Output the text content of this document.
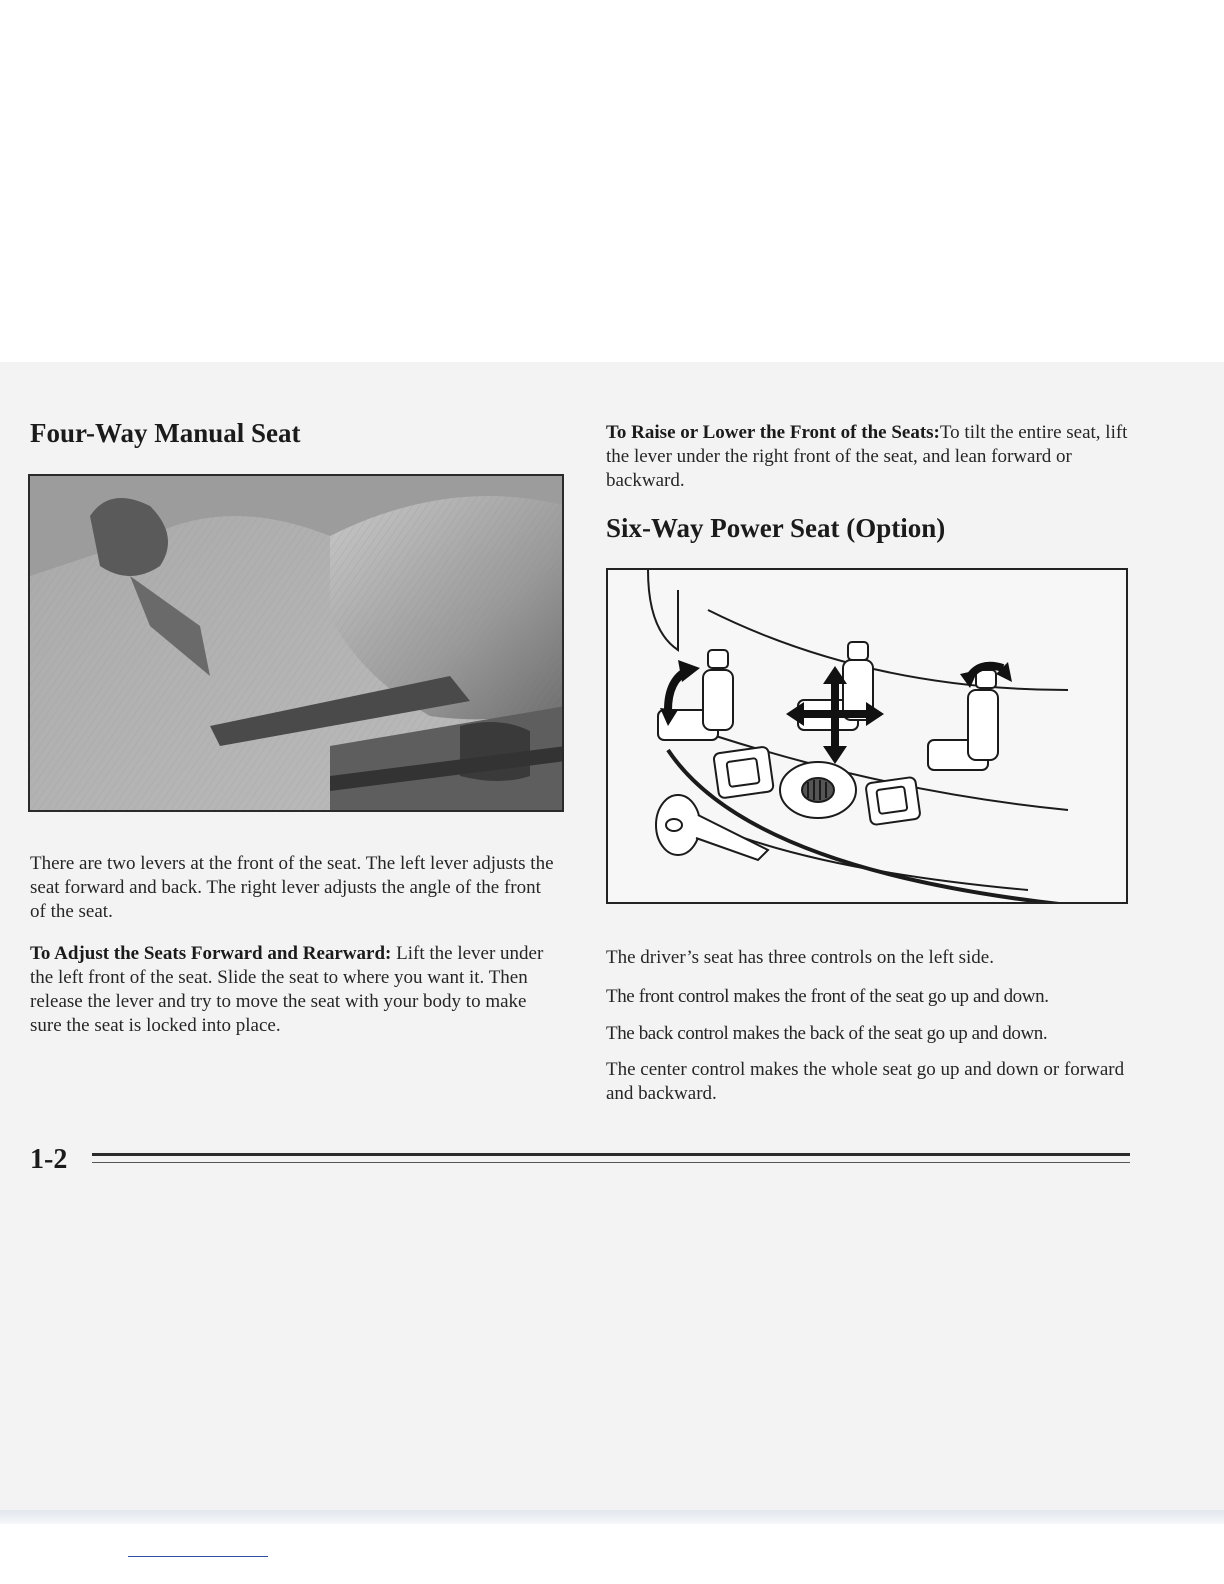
Four-Way Manual Seat

There are two levers at the front of the seat. The left lever adjusts the seat forward and back. The right lever adjusts the angle of the front of the seat.

To Adjust the Seats Forward and Rearward: Lift the lever under the left front of the seat. Slide the seat to where you want it. Then release the lever and try to move the seat with your body to make sure the seat is locked into place.

To Raise or Lower the Front of the Seats:To tilt the entire seat, lift the lever under the right front of the seat, and lean forward or backward.

Six-Way Power Seat (Option)

The driver’s seat has three controls on the left side.

The front control makes the front of the seat go up and down.

The back control makes the back of the seat go up and down.

The center control makes the whole seat go up and down or forward and backward.

1-2
